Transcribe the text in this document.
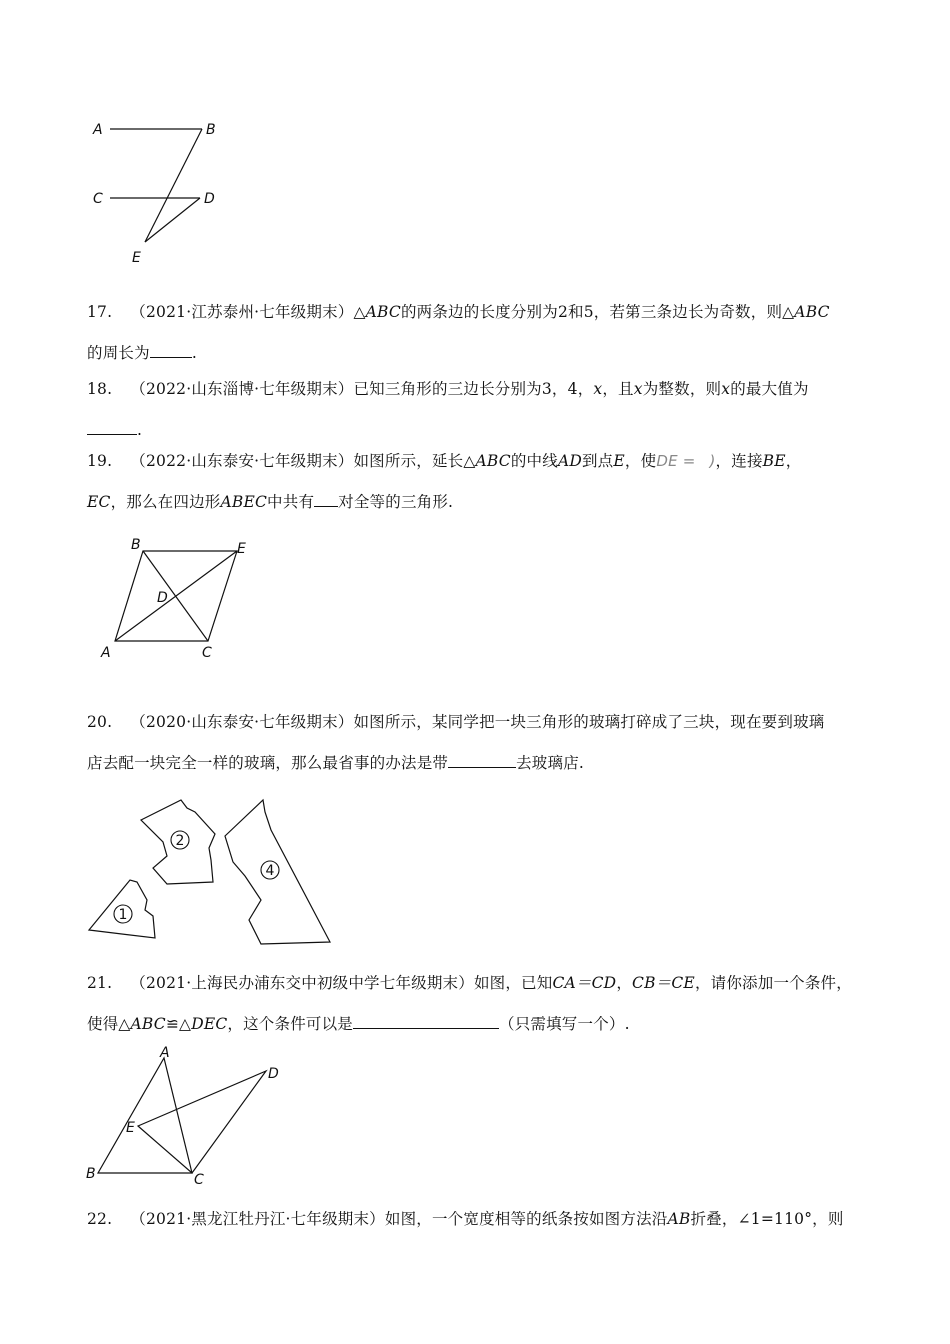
A	B
C	D
E
17. （2021·江苏泰州·七年级期末）△ABC的两条边的长度分别为2和5，若第三条边长为奇数，则△ABC
的周长为	.
18. （2022·山东淄博·七年级期末）已知三角形的三边长分别为3，4，x，且x为整数，则x的最大值为
.
19. （2022·山东泰安·七年级期末）如图所示，延长△ABC的中线AD到点E，使DE = )，连接BE，
EC，那么在四边形ABEC中共有 对全等的三角形.
B	E
D
A	C
20. （2020·山东泰安·七年级期末）如图所示，某同学把一块三角形的玻璃打碎成了三块，现在要到玻璃
店去配一块完全一样的玻璃，那么最省事的办法是带	去玻璃店.
1
2
4
21. （2021·上海民办浦东交中初级中学七年级期末）如图，已知CA＝CD，CB＝CE，请你添加一个条件，
使得△ABC≌△DEC，这个条件可以是	（只需填写一个）.
A
D
E
B	C
22. （2021·黑龙江牡丹江·七年级期末）如图，一个宽度相等的纸条按如图方法沿AB折叠，∠1=110°，则
